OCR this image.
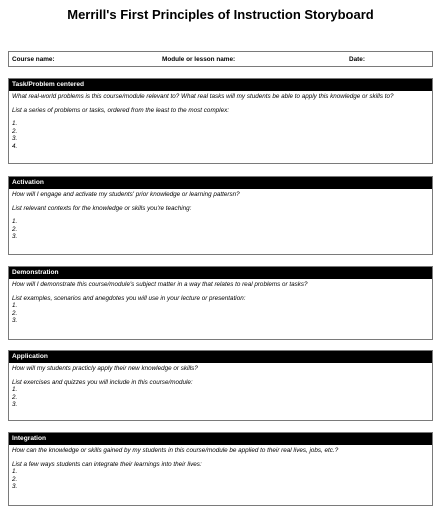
Merrill's First Principles of Instruction Storyboard
Course name:	Module or lesson name:	Date:
Task/Problem centered
What real-world problems is this course/module relevant to? What real tasks will my students be able to apply this knowledge or skills to?
List a series of problems or tasks, ordered from the least to the most complex:
1.
2.
3.
4.
Activation
How will I engage and activate my students' prior knowledge or learning pattersn?
List relevant contexts for the knowledge or skills you're teaching:
1.
2.
3.
Demonstration
How will I demonstrate this course/module's subject matter in a way that relates to real problems or tasks?
List examples, scenarios and anegdotes you will use in your lecture or presentation:
1.
2.
3.
Application
How will my students practicly apply their new knowledge or skills?
List exercises and quizzes you will include in this course/module:
1.
2.
3.
Integration
How can the knowledge or skills gained by my students in this course/module be applied to their real lives, jobs, etc.?
List a few ways students can integrate their learnings into their lives:
1.
2.
3.
